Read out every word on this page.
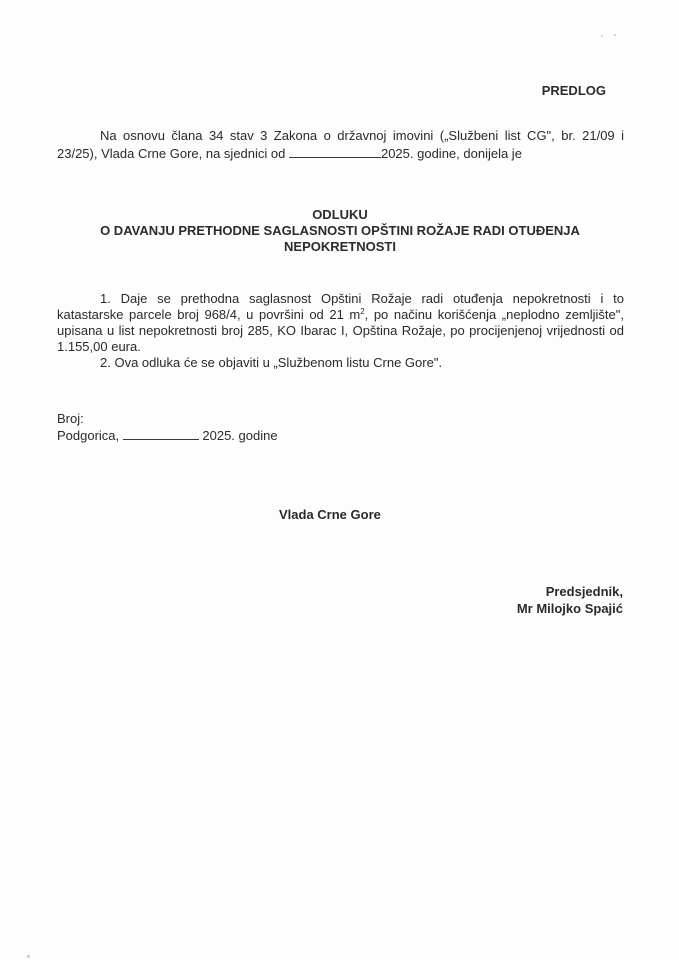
PREDLOG
Na osnovu člana 34 stav 3 Zakona o državnoj imovini („Službeni list CG", br. 21/09 i 23/25), Vlada Crne Gore, na sjednici od	2025. godine, donijela je
ODLUKU
O DAVANJU PRETHODNE SAGLASNOSTI OPŠTINI ROŽAJE RADI OTUĐENJA
NEPOKRETNOSTI

1. Daje se prethodna saglasnost Opštini Rožaje radi otuđenja nepokretnosti i to katastarske parcele broj 968/4, u površini od 21 $m^2$, po načinu korišćenja „neplodno zemljište", upisana u list nepokretnosti broj 285, KO Ibarac I, Opština Rožaje, po procijenjenoj vrijednosti od 1.155,00 eura.

2. Ova odluka će se objaviti u „Službenom listu Crne Gore".

Broj:
Podgorica,	2025. godine
Vlada Crne Gore
Predsjednik,
Mr Milojko Spajić
